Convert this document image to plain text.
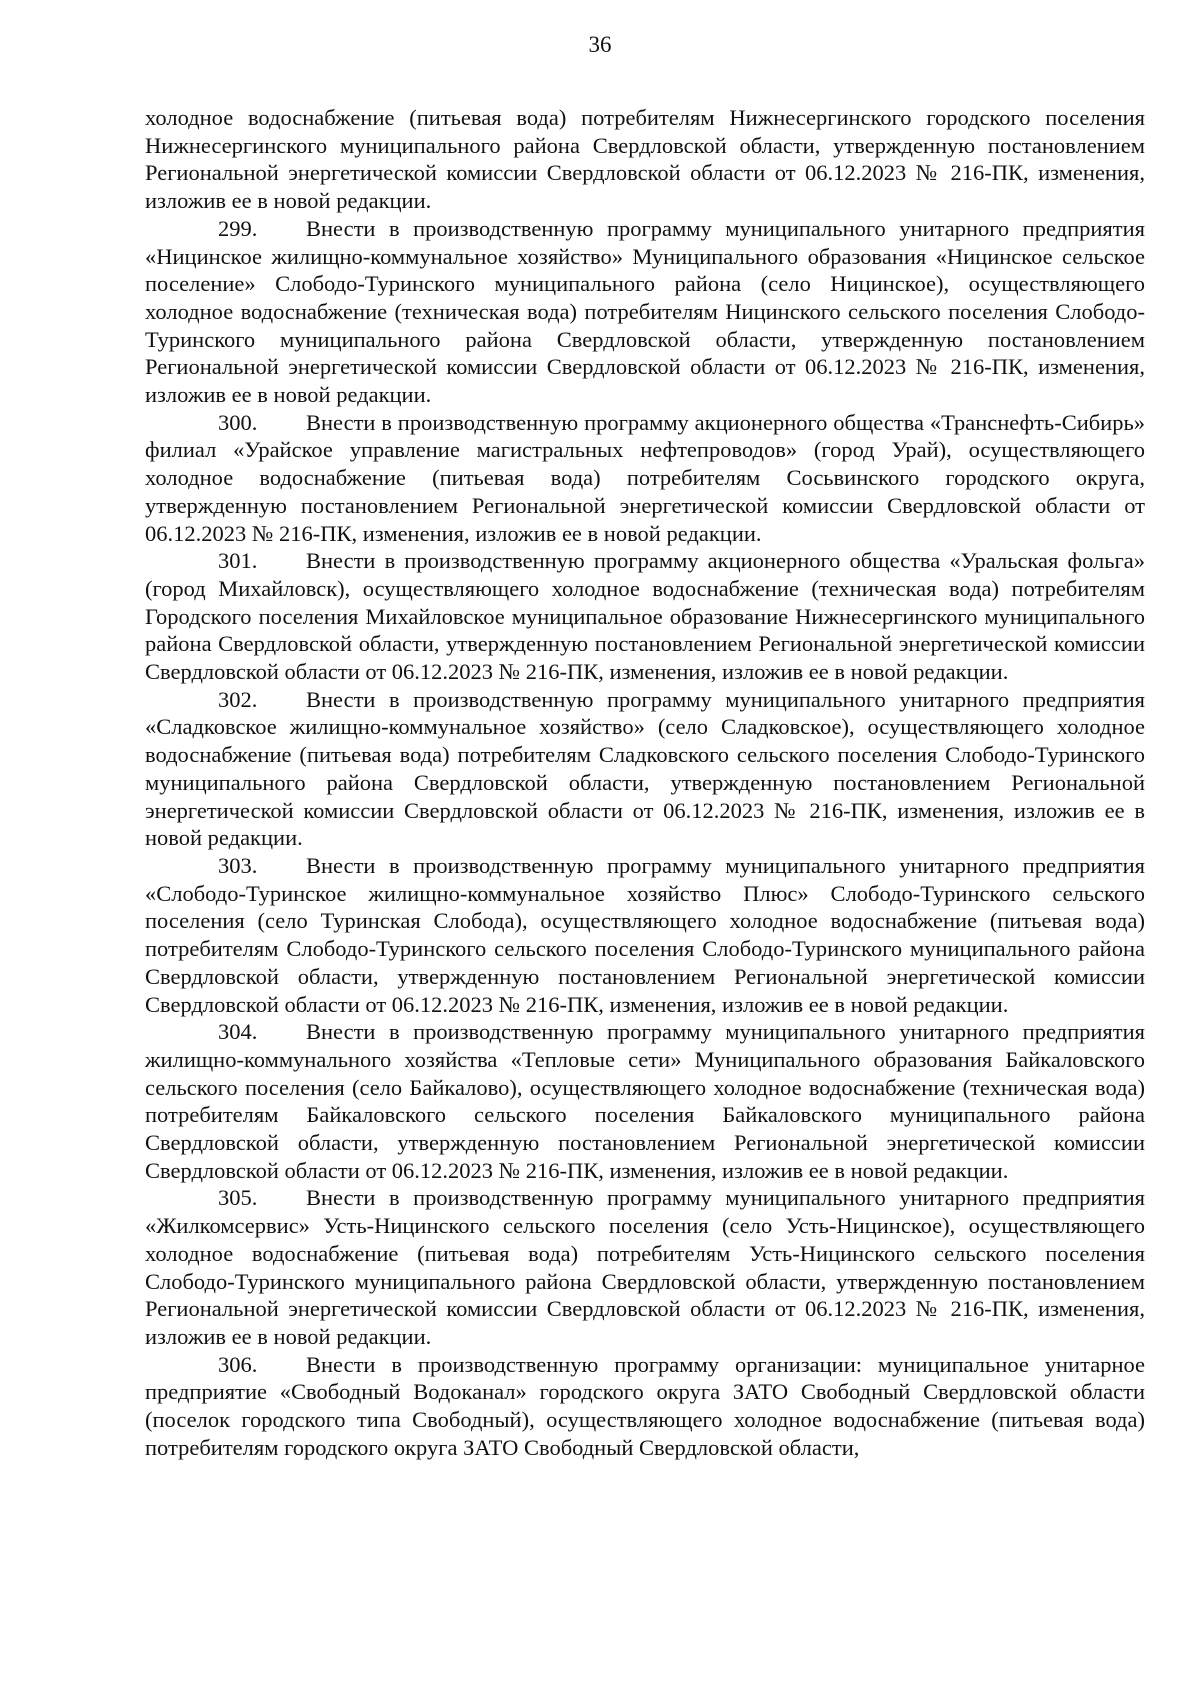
36

холодное водоснабжение (питьевая вода) потребителям Нижнесергинского городского поселения Нижнесергинского муниципального района Свердловской области, утвержденную постановлением Региональной энергетической комиссии Свердловской области от 06.12.2023 № 216-ПК, изменения, изложив ее в новой редакции.

299. Внести в производственную программу муниципального унитарного предприятия «Ницинское жилищно-коммунальное хозяйство» Муниципального образования «Ницинское сельское поселение» Слободо-Туринского муниципального района (село Ницинское), осуществляющего холодное водоснабжение (техническая вода) потребителям Ницинского сельского поселения Слободо-Туринского муниципального района Свердловской области, утвержденную постановлением Региональной энергетической комиссии Свердловской области от 06.12.2023 № 216-ПК, изменения, изложив ее в новой редакции.

300. Внести в производственную программу акционерного общества «Транснефть-Сибирь» филиал «Урайское управление магистральных нефтепроводов» (город Урай), осуществляющего холодное водоснабжение (питьевая вода) потребителям Сосьвинского городского округа, утвержденную постановлением Региональной энергетической комиссии Свердловской области от 06.12.2023 № 216-ПК, изменения, изложив ее в новой редакции.

301. Внести в производственную программу акционерного общества «Уральская фольга» (город Михайловск), осуществляющего холодное водоснабжение (техническая вода) потребителям Городского поселения Михайловское муниципальное образование Нижнесергинского муниципального района Свердловской области, утвержденную постановлением Региональной энергетической комиссии Свердловской области от 06.12.2023 № 216-ПК, изменения, изложив ее в новой редакции.

302. Внести в производственную программу муниципального унитарного предприятия «Сладковское жилищно-коммунальное хозяйство» (село Сладковское), осуществляющего холодное водоснабжение (питьевая вода) потребителям Сладковского сельского поселения Слободо-Туринского муниципального района Свердловской области, утвержденную постановлением Региональной энергетической комиссии Свердловской области от 06.12.2023 № 216-ПК, изменения, изложив ее в новой редакции.

303. Внести в производственную программу муниципального унитарного предприятия «Слободо-Туринское жилищно-коммунальное хозяйство Плюс» Слободо-Туринского сельского поселения (село Туринская Слобода), осуществляющего холодное водоснабжение (питьевая вода) потребителям Слободо-Туринского сельского поселения Слободо-Туринского муниципального района Свердловской области, утвержденную постановлением Региональной энергетической комиссии Свердловской области от 06.12.2023 № 216-ПК, изменения, изложив ее в новой редакции.

304. Внести в производственную программу муниципального унитарного предприятия жилищно-коммунального хозяйства «Тепловые сети» Муниципального образования Байкаловского сельского поселения (село Байкалово), осуществляющего холодное водоснабжение (техническая вода) потребителям Байкаловского сельского поселения Байкаловского муниципального района Свердловской области, утвержденную постановлением Региональной энергетической комиссии Свердловской области от 06.12.2023 № 216-ПК, изменения, изложив ее в новой редакции.

305. Внести в производственную программу муниципального унитарного предприятия «Жилкомсервис» Усть-Ницинского сельского поселения (село Усть-Ницинское), осуществляющего холодное водоснабжение (питьевая вода) потребителям Усть-Ницинского сельского поселения Слободо-Туринского муниципального района Свердловской области, утвержденную постановлением Региональной энергетической комиссии Свердловской области от 06.12.2023 № 216-ПК, изменения, изложив ее в новой редакции.

306. Внести в производственную программу организации: муниципальное унитарное предприятие «Свободный Водоканал» городского округа ЗАТО Свободный Свердловской области (поселок городского типа Свободный), осуществляющего холодное водоснабжение (питьевая вода) потребителям городского округа ЗАТО Свободный Свердловской области,
